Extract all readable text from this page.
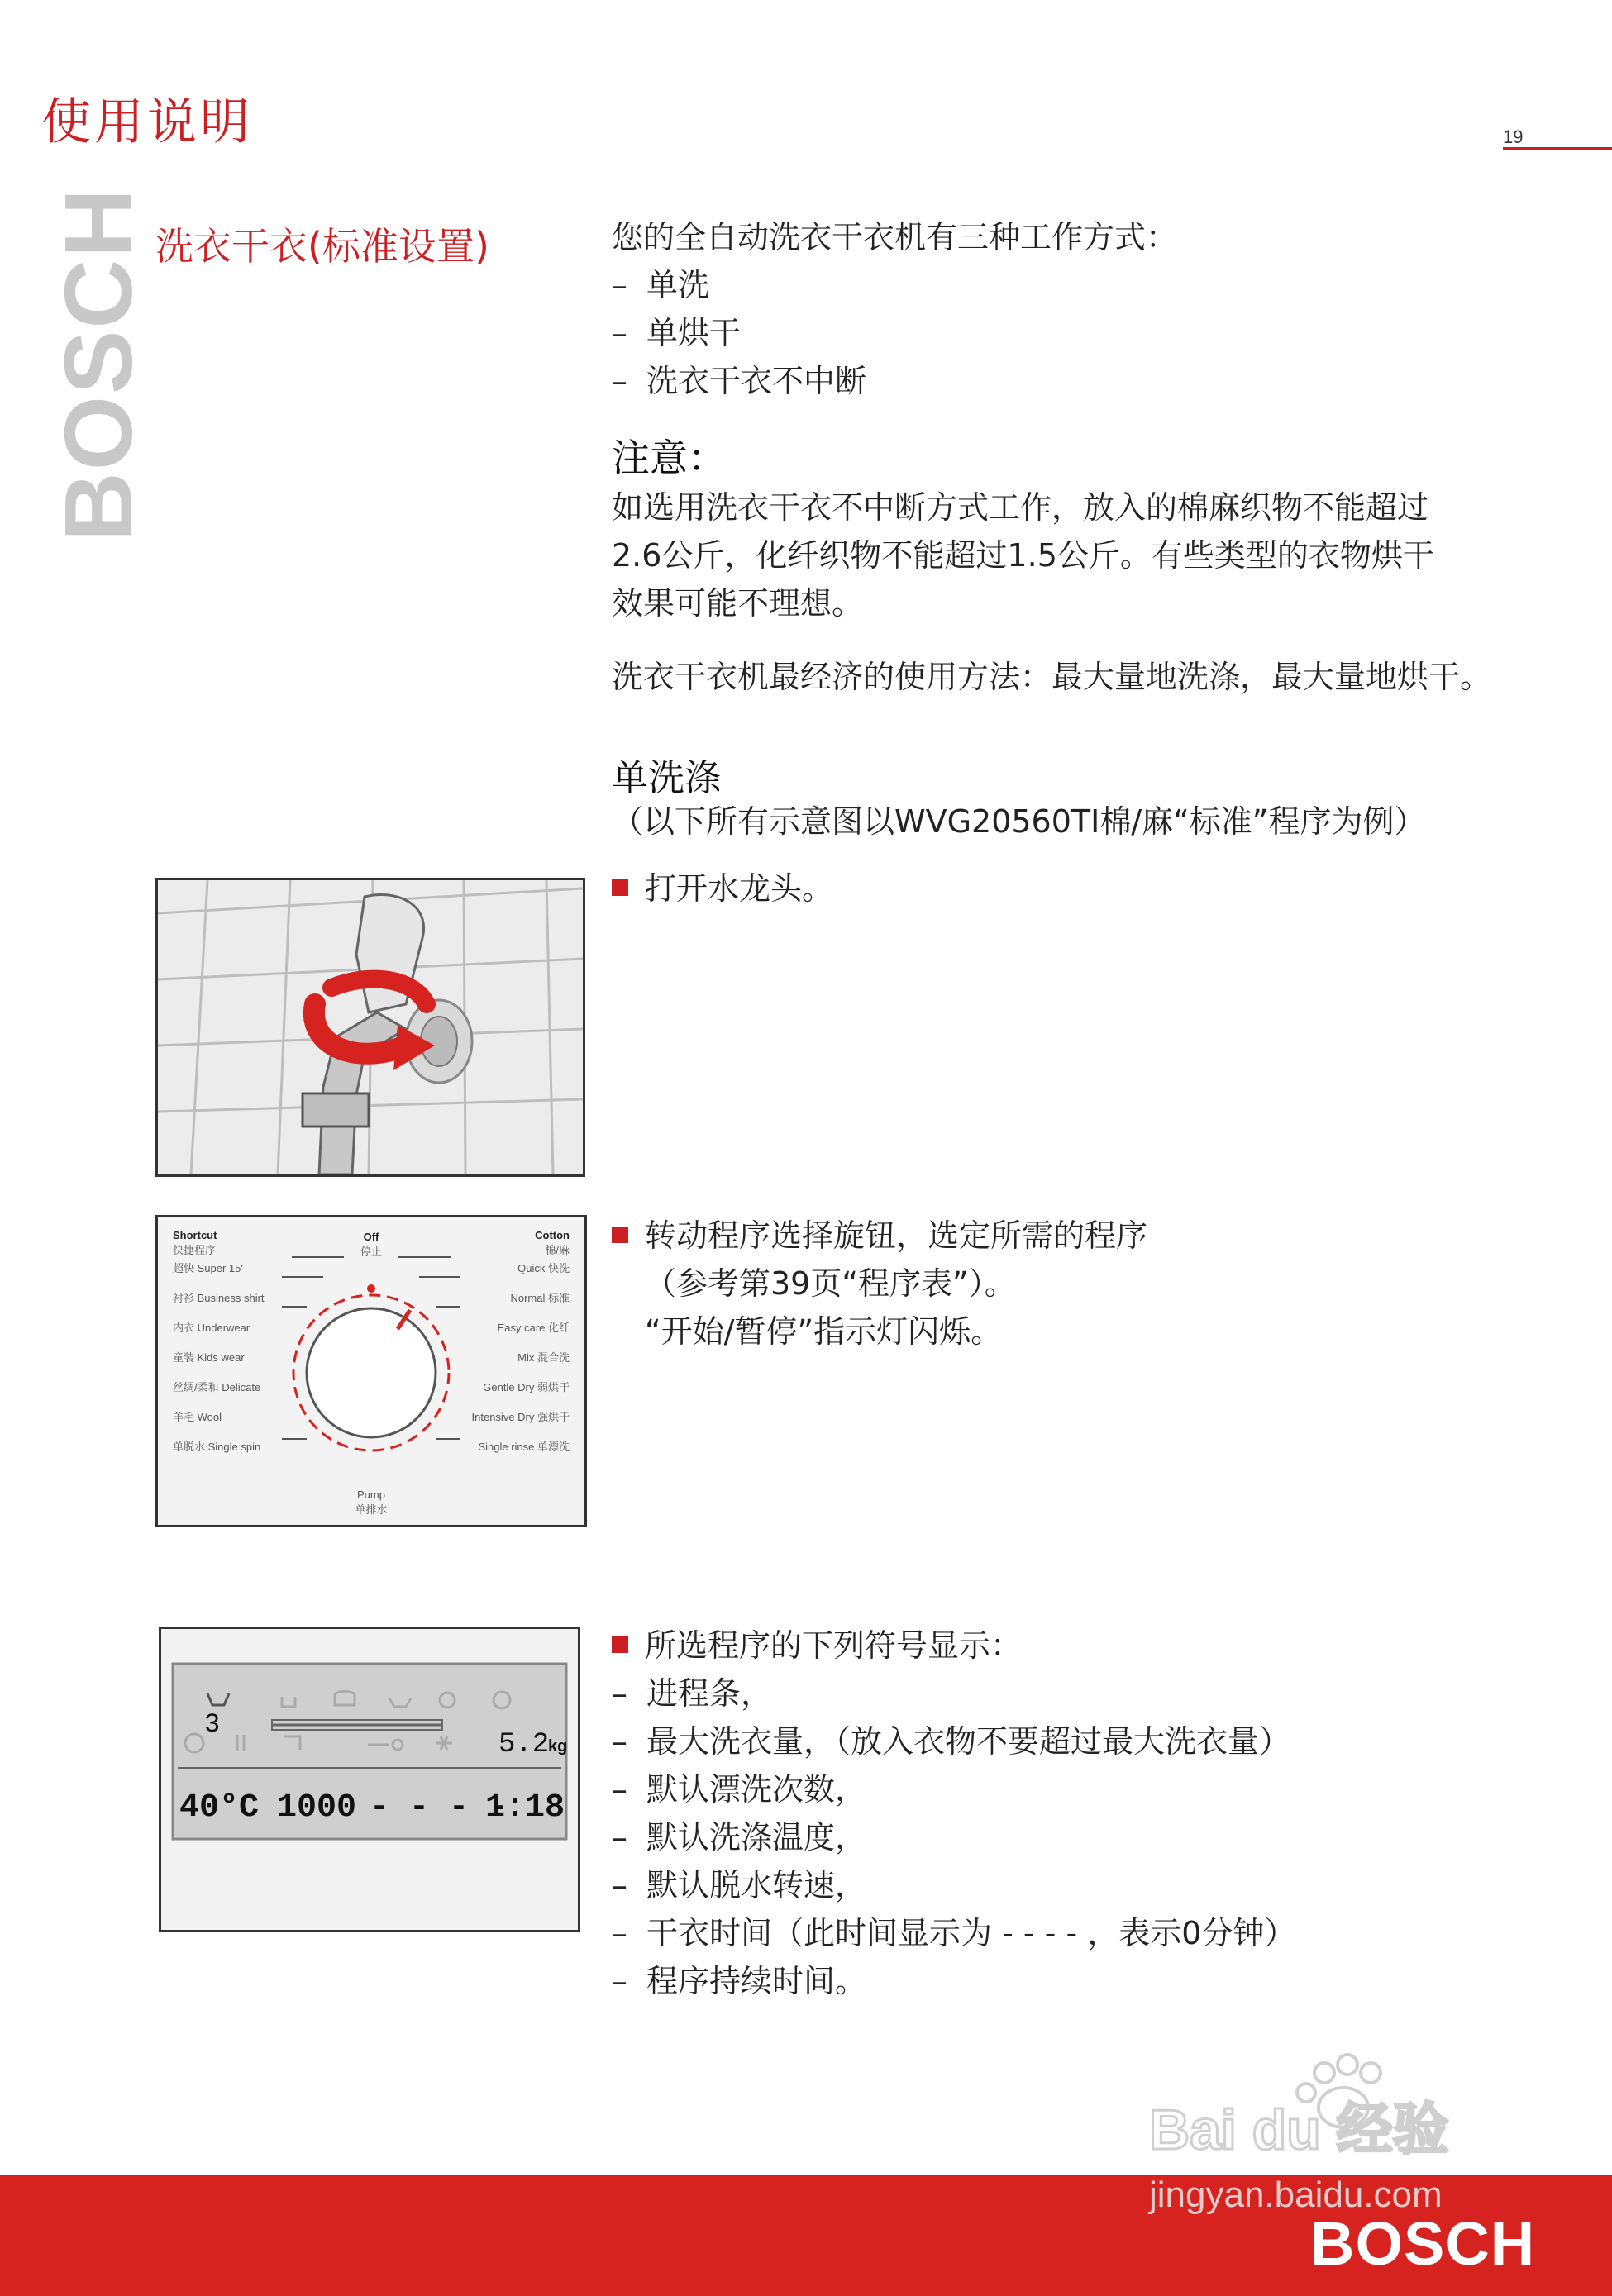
使用说明	19
BOSCH 洗衣干衣(标准设置)	您的全自动洗衣干衣机有三种工作方式：
– 单洗
– 单烘干
– 洗衣干衣不中断
注意：
如选用洗衣干衣不中断方式工作，放入的棉麻织物不能超过
2.6公斤，化纤织物不能超过1.5公斤。有些类型的衣物烘干
效果可能不理想。
洗衣干衣机最经济的使用方法：最大量地洗涤，最大量地烘干。
单洗涤
（以下所有示意图以WVG20560TI棉/麻“标准”程序为例）
打开水龙头。
Shortcut
快捷程序
超快 Super 15'
衬衫 Business shirt
内衣 Underwear
童装 Kids wear
丝绸/柔和 Delicate
羊毛 Wool
单脱水 Single spin
Cotton
棉/麻
Quick 快洗
Normal 标准
Easy care 化纤
Mix 混合洗
Gentle Dry 弱烘干
Intensive Dry 强烘干
Single rinse 单漂洗
Off
停止
Pump
单排水
转动程序选择旋钮，选定所需的程序
（参考第39页“程序表”）。
“开始/暂停”指示灯闪烁。
3
5.2
kg
40°C 1000 - - - -
1:18
所选程序的下列符号显示：
– 进程条，
– 最大洗衣量，（放入衣物不要超过最大洗衣量）
– 默认漂洗次数，
– 默认洗涤温度，
– 默认脱水转速，
– 干衣时间（此时间显示为 - - - - ，表示0分钟）
– 程序持续时间。
BOSCH
Bai du 经验
jingyan.baidu.com
